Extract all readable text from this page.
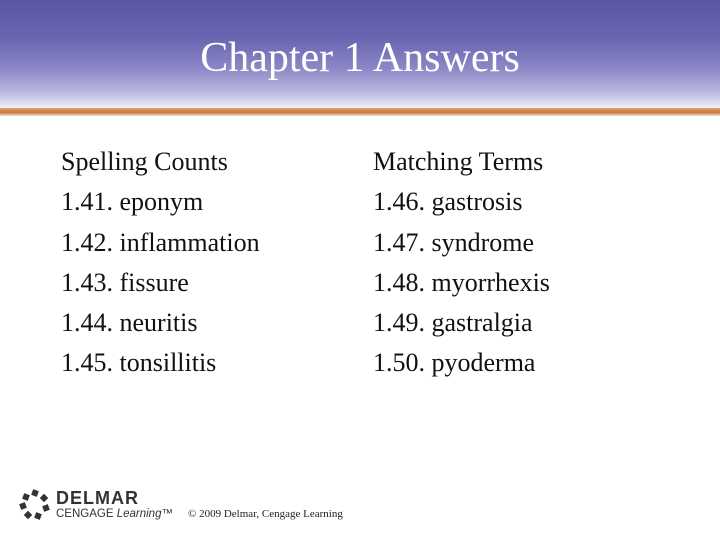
Chapter 1 Answers
Spelling Counts
1.41. eponym
1.42. inflammation
1.43. fissure
1.44. neuritis
1.45. tonsillitis
Matching Terms
1.46. gastrosis
1.47. syndrome
1.48. myorrhexis
1.49. gastralgia
1.50. pyoderma
DELMAR
CENGAGE Learning™ © 2009 Delmar, Cengage Learning
